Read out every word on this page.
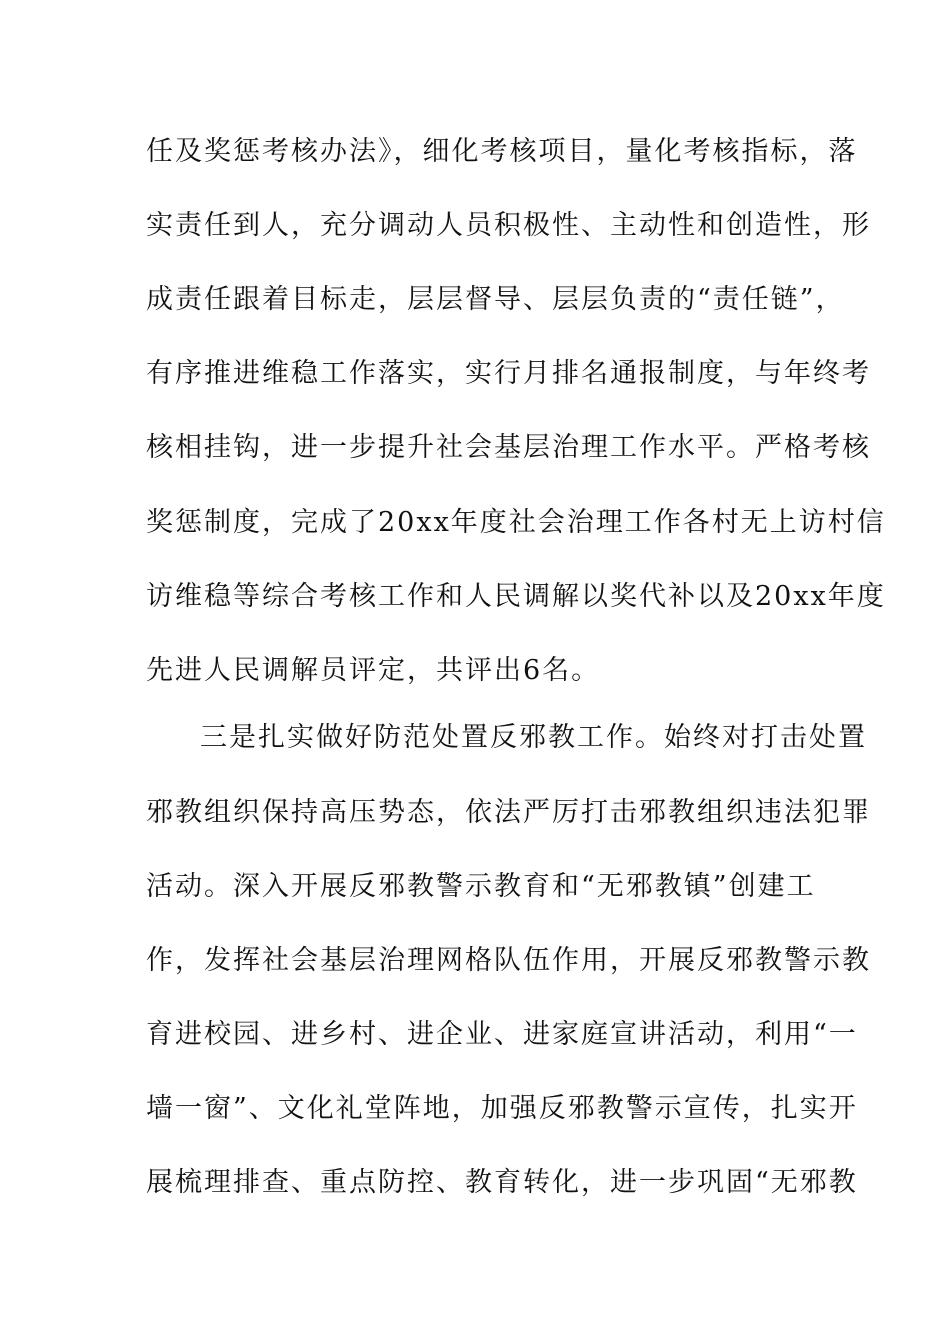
任及奖惩考核办法》，细化考核项目，量化考核指标，落
实责任到人，充分调动人员积极性、主动性和创造性，形
成责任跟着目标走，层层督导、层层负责的“责任链”，
有序推进维稳工作落实，实行月排名通报制度，与年终考
核相挂钩，进一步提升社会基层治理工作水平。严格考核
奖惩制度，完成了20xx年度社会治理工作各村无上访村信
访维稳等综合考核工作和人民调解以奖代补以及20xx年度
先进人民调解员评定，共评出6名。
三是扎实做好防范处置反邪教工作。始终对打击处置
邪教组织保持高压势态，依法严厉打击邪教组织违法犯罪
活动。深入开展反邪教警示教育和“无邪教镇”创建工
作，发挥社会基层治理网格队伍作用，开展反邪教警示教
育进校园、进乡村、进企业、进家庭宣讲活动，利用“一
墙一窗”、文化礼堂阵地，加强反邪教警示宣传，扎实开
展梳理排查、重点防控、教育转化，进一步巩固“无邪教
